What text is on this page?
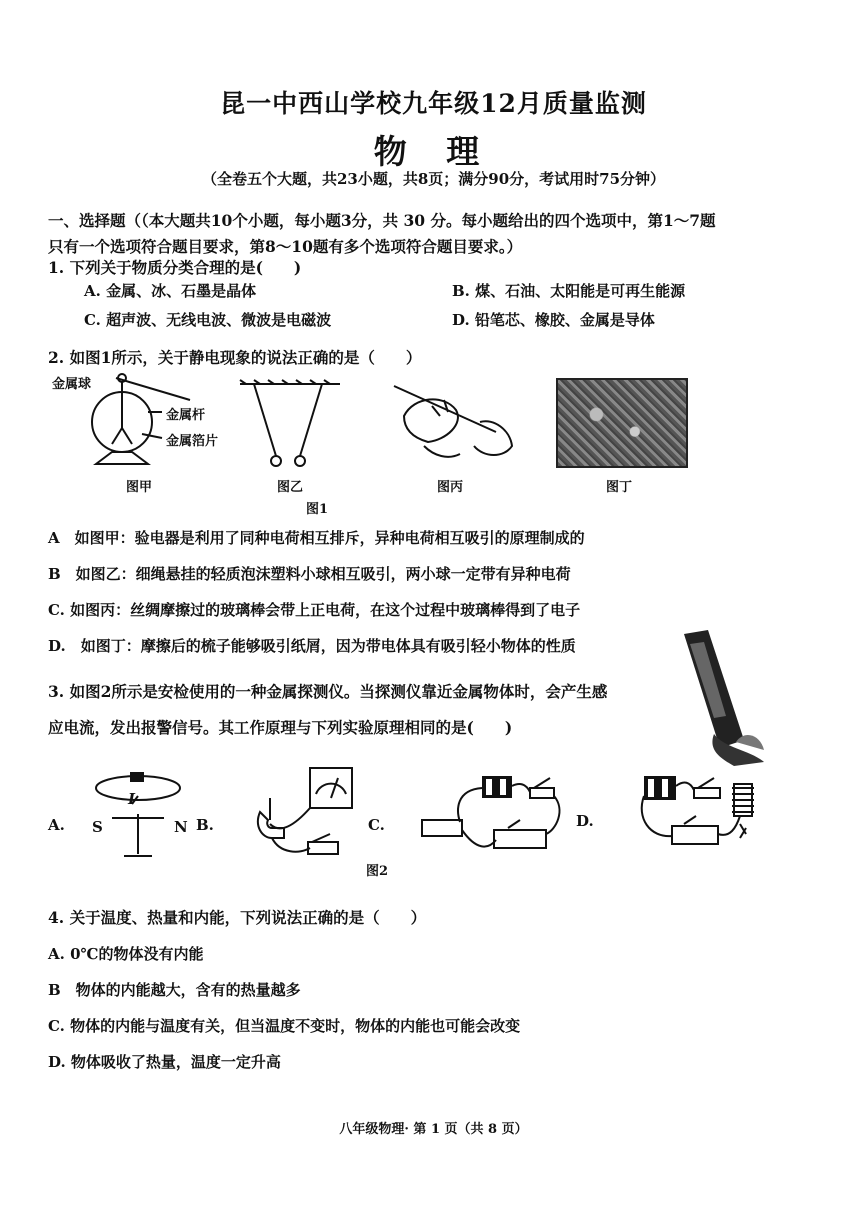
昆一中西山学校九年级12月质量监测
物 理
（全卷五个大题，共23小题，共8页；满分90分，考试用时75分钟）
一、选择题（（本大题共10个小题，每小题3分，共 30 分。每小题给出的四个选项中，第1～7题
只有一个选项符合题目要求，第8～10题有多个选项符合题目要求。）
1. 下列关于物质分类合理的是(　　)
A. 金属、冰、石墨是晶体	B. 煤、石油、太阳能是可再生能源
C. 超声波、无线电波、微波是电磁波	D. 铅笔芯、橡胶、金属是导体
2. 如图1所示，关于静电现象的说法正确的是（　　）
金属球
金属杆
金属箔片
图甲	图乙	图丙	图丁
图1
A　如图甲：验电器是利用了同种电荷相互排斥，异种电荷相互吸引的原理制成的
B　如图乙：细绳悬挂的轻质泡沫塑料小球相互吸引，两小球一定带有异种电荷
C. 如图丙：丝绸摩擦过的玻璃棒会带上正电荷，在这个过程中玻璃棒得到了电子
D.　如图丁：摩擦后的梳子能够吸引纸屑，因为带电体具有吸引轻小物体的性质
3. 如图2所示是安检使用的一种金属探测仪。当探测仪靠近金属物体时，会产生感
应电流，发出报警信号。其工作原理与下列实验原理相同的是(　　)
A. S	N
I
B.	C.	D.
图2
4. 关于温度、热量和内能，下列说法正确的是（　　）
A. 0℃的物体没有内能
B　物体的内能越大，含有的热量越多
C. 物体的内能与温度有关，但当温度不变时，物体的内能也可能会改变
D. 物体吸收了热量，温度一定升高
八年级物理· 第 1 页（共 8 页）
